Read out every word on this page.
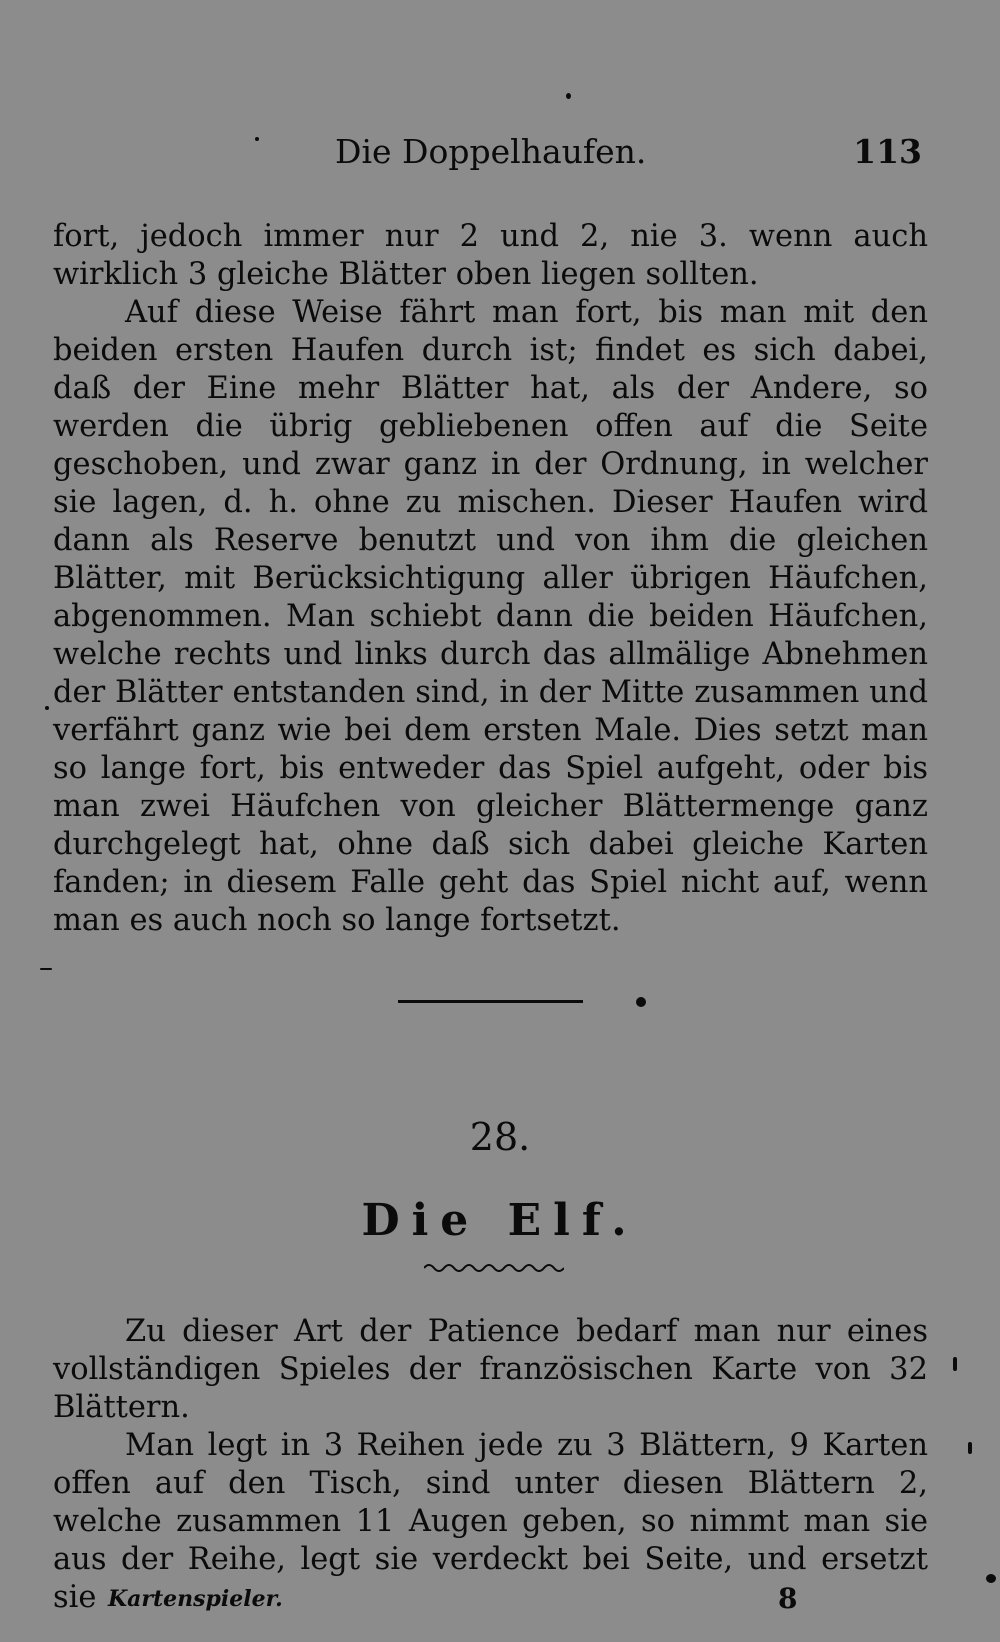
Die Doppelhaufen.	113

fort, jedoch immer nur 2 und 2, nie 3. wenn auch wirklich 3 gleiche Blätter oben liegen sollten.

Auf diese Weise fährt man fort, bis man mit den beiden ersten Haufen durch ist; findet es sich dabei, daß der Eine mehr Blätter hat, als der Andere, so werden die übrig gebliebenen offen auf die Seite geschoben, und zwar ganz in der Ordnung, in welcher sie lagen, d. h. ohne zu mischen. Dieser Haufen wird dann als Reserve benutzt und von ihm die gleichen Blätter, mit Berücksichtigung aller übrigen Häufchen, abgenommen. Man schiebt dann die beiden Häufchen, welche rechts und links durch das allmälige Abnehmen der Blätter entstanden sind, in der Mitte zusammen und verfährt ganz wie bei dem ersten Male. Dies setzt man so lange fort, bis entweder das Spiel aufgeht, oder bis man zwei Häufchen von gleicher Blättermenge ganz durchgelegt hat, ohne daß sich dabei gleiche Karten fanden; in diesem Falle geht das Spiel nicht auf, wenn man es auch noch so lange fortsetzt.

28.
Die Elf.

Zu dieser Art der Patience bedarf man nur eines vollständigen Spieles der französischen Karte von 32 Blättern.

Man legt in 3 Reihen jede zu 3 Blättern, 9 Karten offen auf den Tisch, sind unter diesen Blättern 2, welche zusammen 11 Augen geben, so nimmt man sie aus der Reihe, legt sie verdeckt bei Seite, und ersetzt sie Kartenspieler.	8
